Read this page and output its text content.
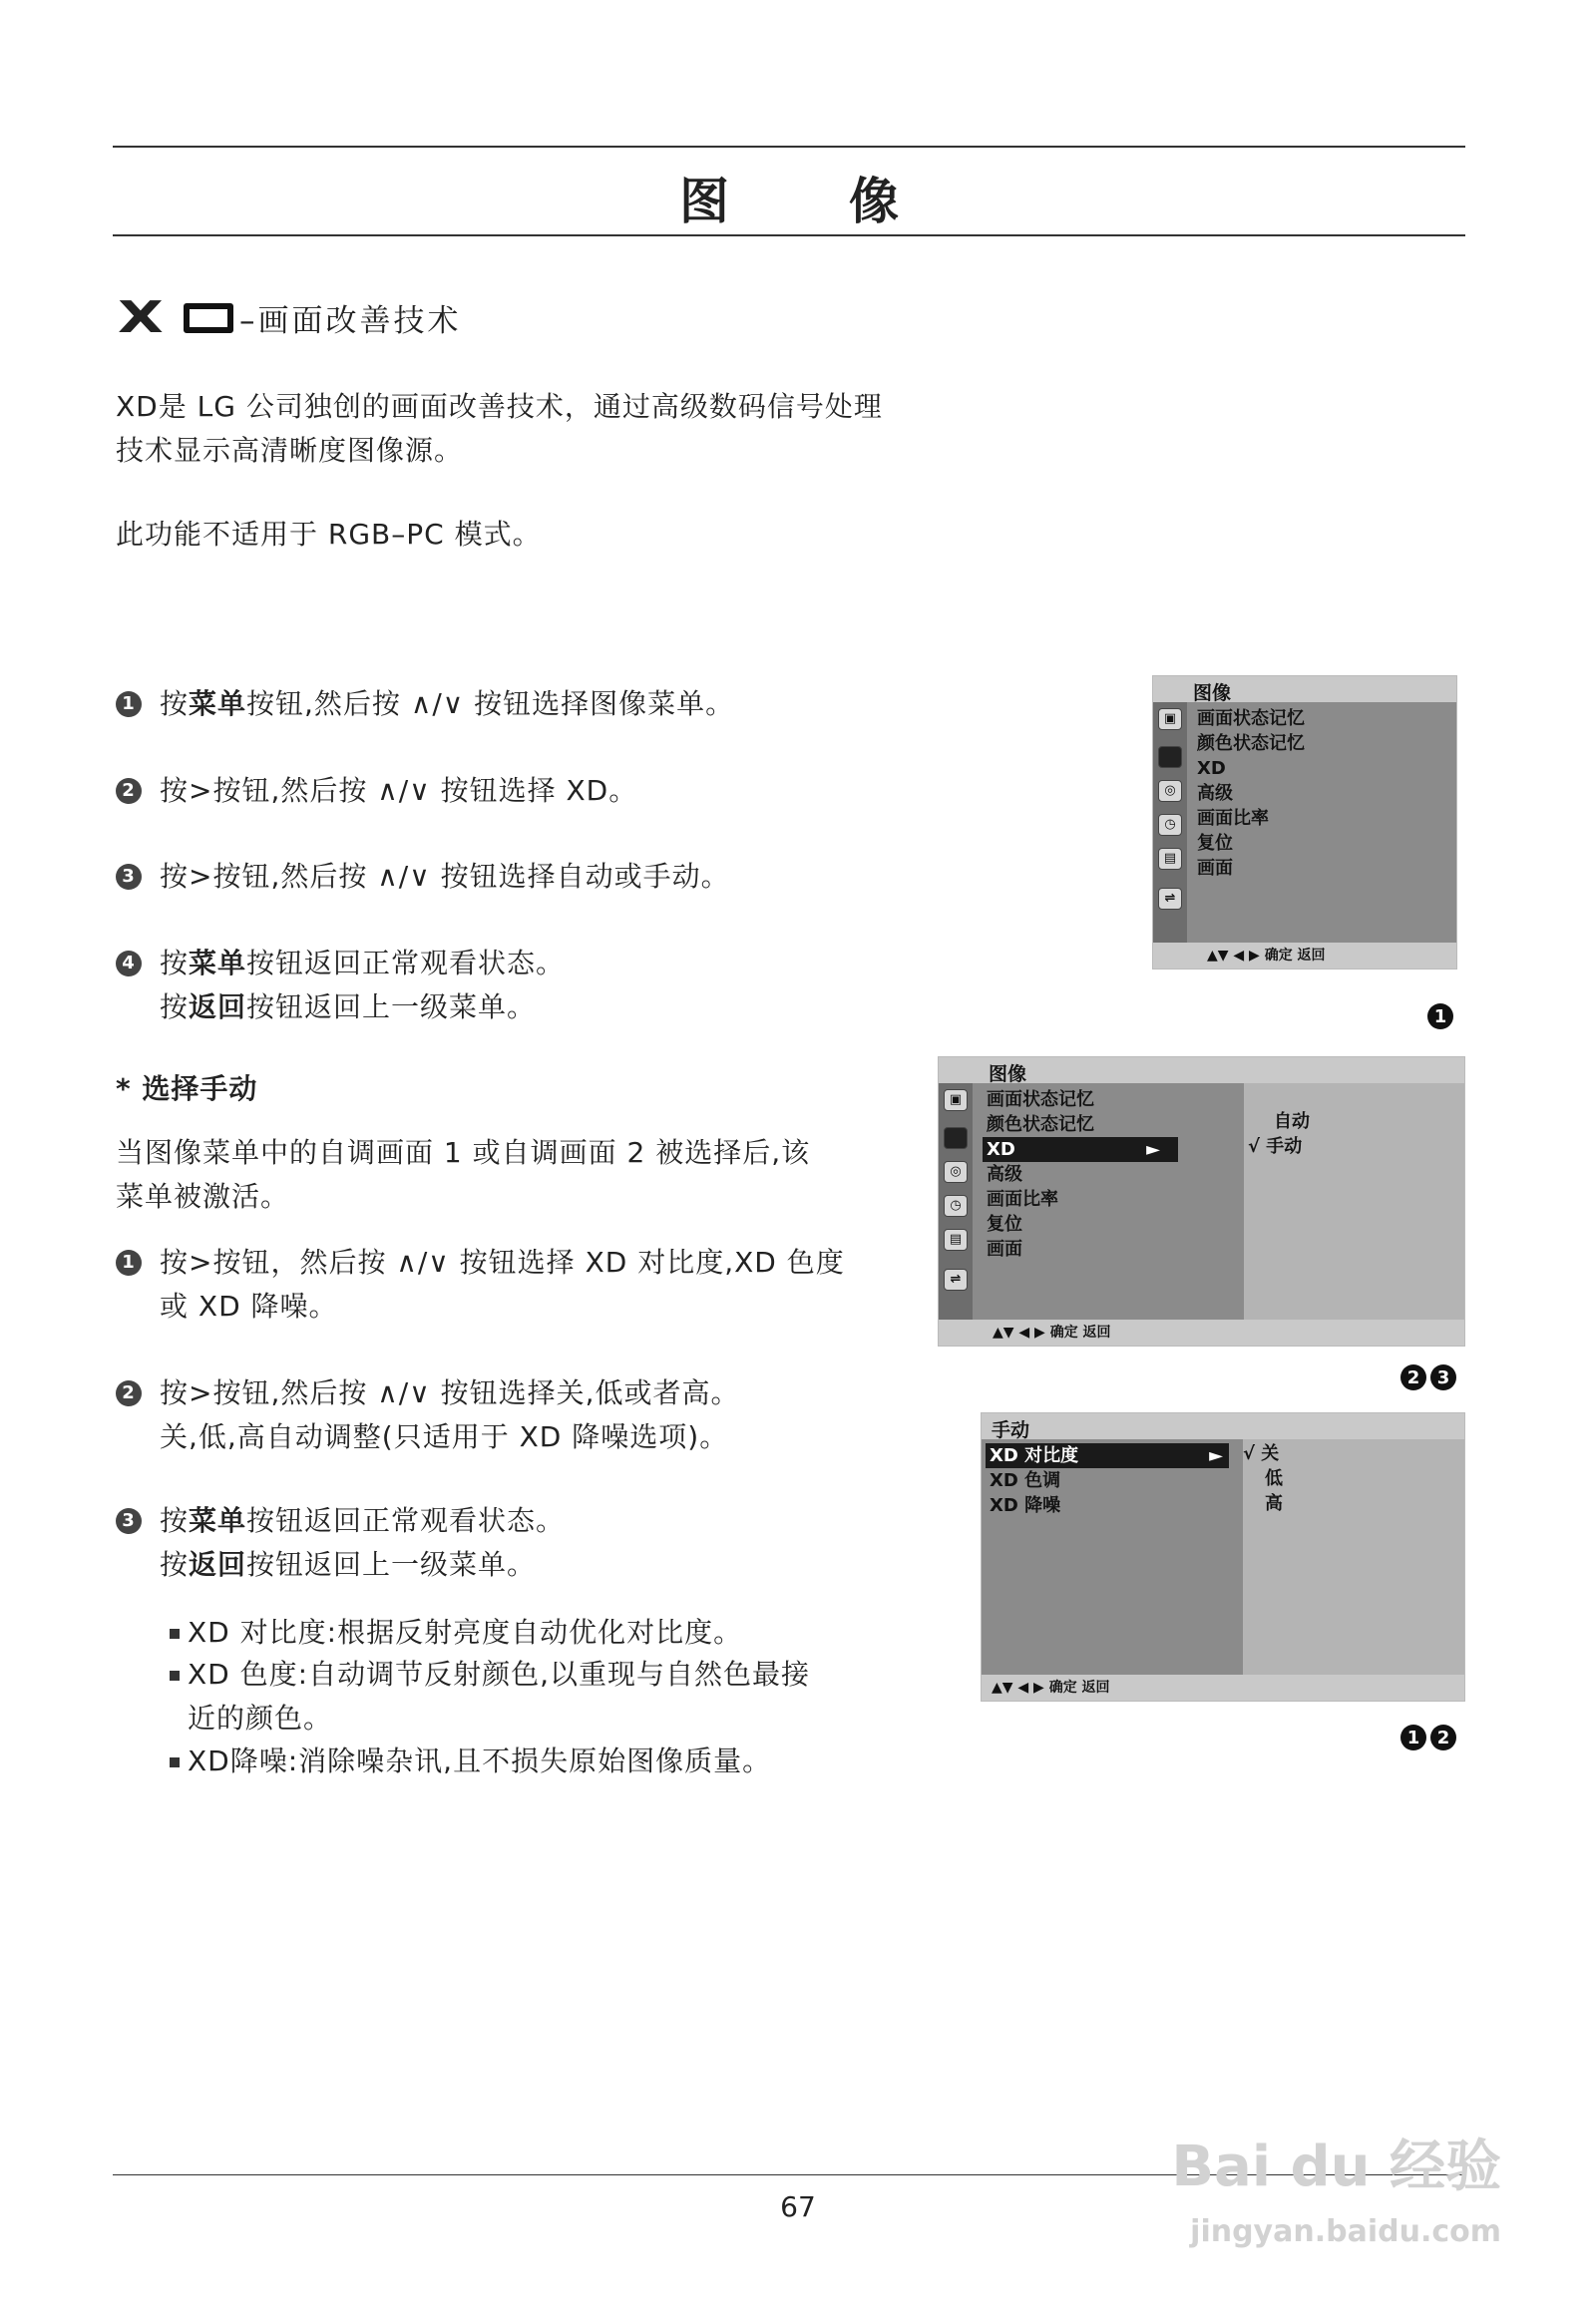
图 像
X	–画面改善技术
XD是 LG 公司独创的画面改善技术，通过高级数码信号处理
技术显示高清晰度图像源。
此功能不适用于 RGB–PC 模式。
1 按菜单按钮,然后按 ∧/∨ 按钮选择图像菜单。
2 按>按钮,然后按 ∧/∨ 按钮选择 XD。
3 按>按钮,然后按 ∧/∨ 按钮选择自动或手动。
4 按菜单按钮返回正常观看状态。
按返回按钮返回上一级菜单。
* 选择手动
当图像菜单中的自调画面 1 或自调画面 2 被选择后,该
菜单被激活。
1 按>按钮，然后按 ∧/∨ 按钮选择 XD 对比度,XD 色度
或 XD 降噪。
2 按>按钮,然后按 ∧/∨ 按钮选择关,低或者高。
关,低,高自动调整(只适用于 XD 降噪选项)。
3 按菜单按钮返回正常观看状态。
按返回按钮返回上一级菜单。
XD 对比度:根据反射亮度自动优化对比度。
XD 色度:自动调节反射颜色,以重现与自然色最接
近的颜色。
XD降噪:消除噪杂讯,且不损失原始图像质量。
图像
▣
◎
◷
▤
⇌
画面状态记忆
颜色状态记忆
XD
高级
画面比率
复位
画面
▲▼ ◀ ▶ 确定 返回
1
图像
▣
◎
◷
▤
⇌
画面状态记忆
颜色状态记忆
XD	►
高级
画面比率
复位
画面
自动
√ 手动
▲▼ ◀ ▶ 确定 返回
2 3
手动
XD 对比度	►
XD 色调
XD 降噪
√ 关
低
高
▲▼ ◀ ▶ 确定 返回
1 2
67
Bai du 经验
jingyan.baidu.com
